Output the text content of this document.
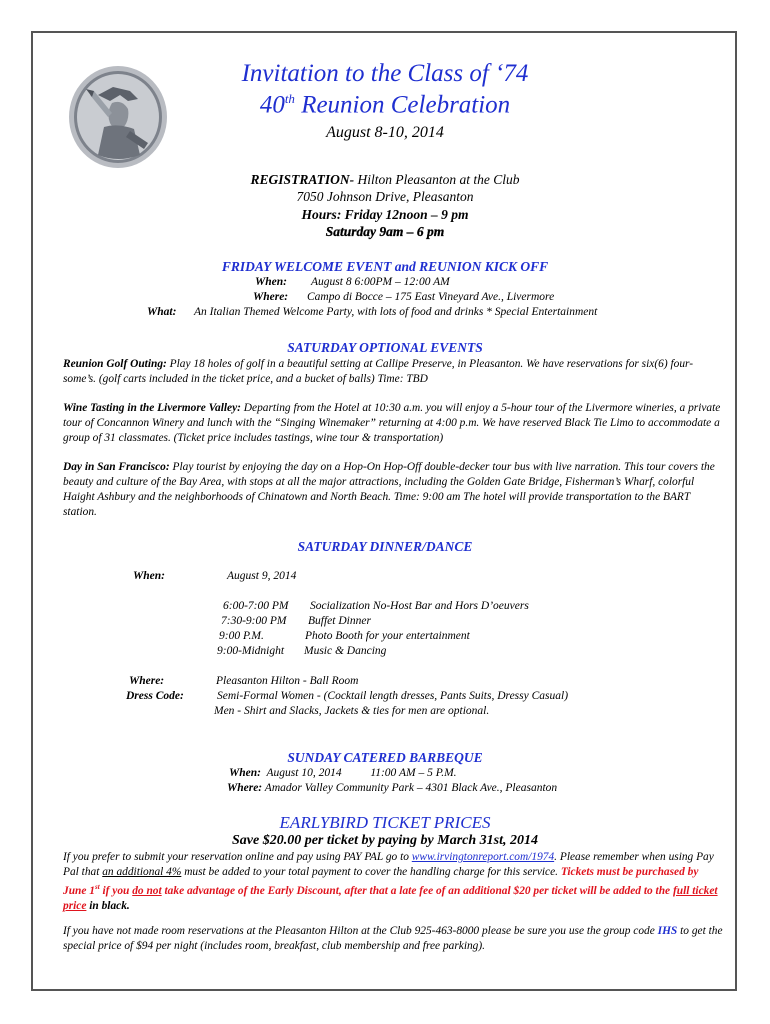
Invitation to the Class of ‘74
40th Reunion Celebration
August 8-10, 2014
REGISTRATION- Hilton Pleasanton at the Club
7050 Johnson Drive, Pleasanton
Hours: Friday 12noon – 9 pm
Saturday 9am – 6 pm
FRIDAY WELCOME EVENT and REUNION KICK OFF
When: August 8 6:00PM – 12:00 AM
Where: Campo di Bocce – 175 East Vineyard Ave., Livermore
What: An Italian Themed Welcome Party, with lots of food and drinks * Special Entertainment
SATURDAY OPTIONAL EVENTS
Reunion Golf Outing: Play 18 holes of golf in a beautiful setting at Callipe Preserve, in Pleasanton. We have reservations for six(6) four-some’s. (golf carts included in the ticket price, and a bucket of balls) Time: TBD
Wine Tasting in the Livermore Valley: Departing from the Hotel at 10:30 a.m. you will enjoy a 5-hour tour of the Livermore wineries, a private tour of Concannon Winery and lunch with the “Singing Winemaker” returning at 4:00 p.m. We have reserved Black Tie Limo to accommodate a group of 31 classmates. (Ticket price includes tastings, wine tour & transportation)
Day in San Francisco: Play tourist by enjoying the day on a Hop-On Hop-Off double-decker tour bus with live narration. This tour covers the beauty and culture of the Bay Area, with stops at all the major attractions, including the Golden Gate Bridge, Fisherman’s Wharf, colorful Haight Ashbury and the neighborhoods of Chinatown and North Beach. Time: 9:00 am The hotel will provide transportation to the BART station.
SATURDAY DINNER/DANCE
When:	August 9, 2014
6:00-7:00 PM Socialization No-Host Bar and Hors D’oeuvers
7:30-9:00 PM Buffet Dinner
9:00 P.M.	Photo Booth for your entertainment
9:00-Midnight Music & Dancing
Where:	Pleasanton Hilton - Ball Room
Dress Code:	Semi-Formal Women - (Cocktail length dresses, Pants Suits, Dressy Casual)
Men - Shirt and Slacks, Jackets & ties for men are optional.
SUNDAY CATERED BARBEQUE
When:  August 10, 2014          11:00 AM – 5 P.M.
Where: Amador Valley Community Park – 4301 Black Ave., Pleasanton
EARLYBIRD TICKET PRICES
Save $20.00 per ticket by paying by March 31st, 2014
If you prefer to submit your reservation online and pay using PAY PAL go to www.irvingtonreport.com/1974. Please remember when using Pay Pal that an additional 4% must be added to your total payment to cover the handling charge for this service. Tickets must be purchased by June 1st if you do not take advantage of the Early Discount, after that a late fee of an additional $20 per ticket will be added to the full ticket price in black.
If you have not made room reservations at the Pleasanton Hilton at the Club 925-463-8000 please be sure you use the group code IHS to get the special price of $94 per night (includes room, breakfast, club membership and free parking).
